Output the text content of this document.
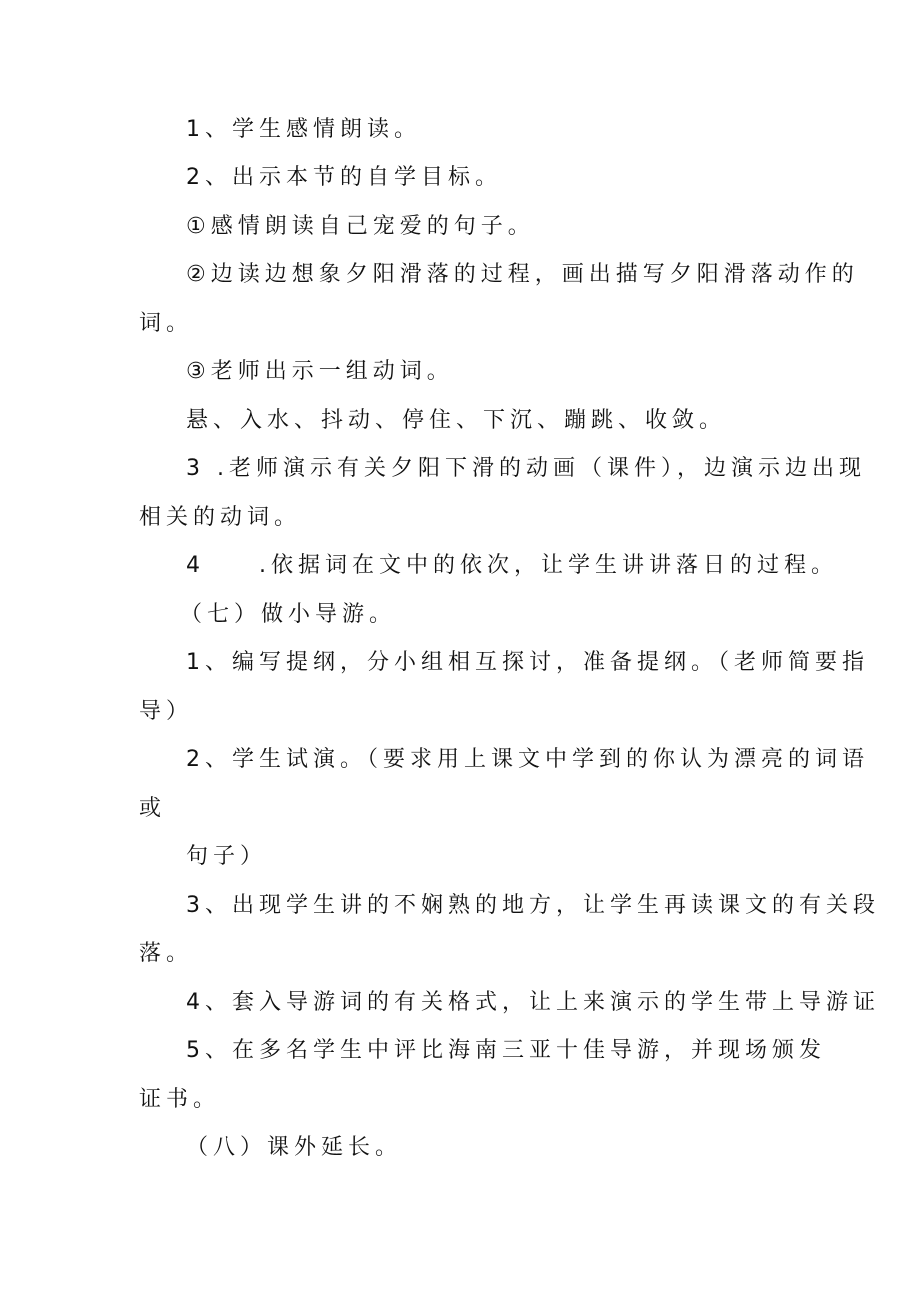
1、学生感情朗读。
2、出示本节的自学目标。
①感情朗读自己宠爱的句子。
②边读边想象夕阳滑落的过程，画出描写夕阳滑落动作的
词。
③老师出示一组动词。
悬、入水、抖动、停住、下沉、蹦跳、收敛。
3 .老师演示有关夕阳下滑的动画（课件），边演示边出现
相关的动词。
4　　.依据词在文中的依次，让学生讲讲落日的过程。
（七）做小导游。
1、编写提纲，分小组相互探讨，准备提纲。（老师简要指
导）
2、学生试演。（要求用上课文中学到的你认为漂亮的词语
或
句子）
3、出现学生讲的不娴熟的地方，让学生再读课文的有关段
落。
4、套入导游词的有关格式，让上来演示的学生带上导游证
5、在多名学生中评比海南三亚十佳导游，并现场颁发
证书。
（八）课外延长。
